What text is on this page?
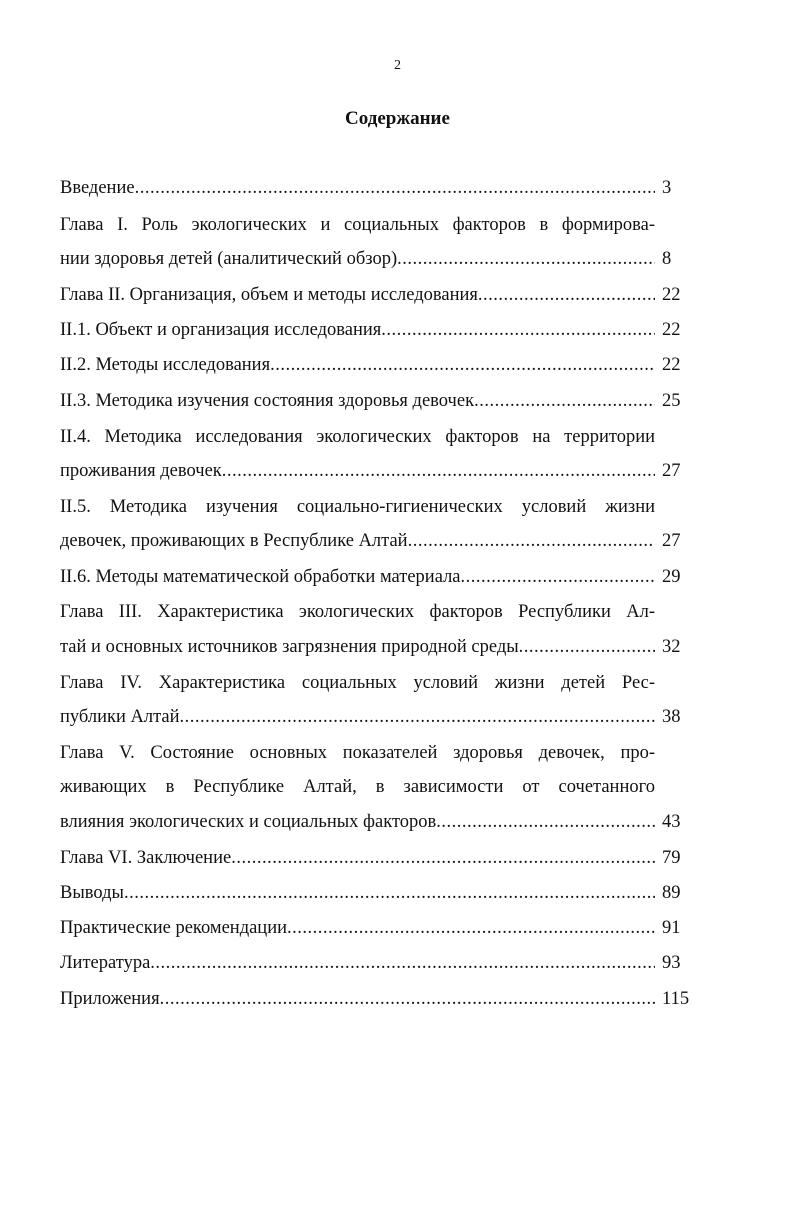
2
Содержание
Введение .....	3
Глава I. Роль экологических и социальных факторов в формирова-
нии здоровья детей (аналитический обзор) .....	8
Глава II. Организация, объем и методы исследования .....	22
II.1. Объект и организация исследования .....	22
II.2. Методы исследования .....	22
II.3. Методика изучения состояния здоровья девочек .....	25
II.4. Методика исследования экологических факторов на территории
проживания девочек .....	27
II.5. Методика изучения социально-гигиенических условий жизни
девочек, проживающих в Республике Алтай .....	27
II.6. Методы математической обработки материала .....	29
Глава III. Характеристика экологических факторов Республики Ал-
тай и основных источников загрязнения природной среды .....	32
Глава IV. Характеристика социальных условий жизни детей Рес-
публики Алтай .....	38
Глава V. Состояние основных показателей здоровья девочек, про-
живающих в Республике Алтай, в зависимости от сочетанного
влияния экологических и социальных факторов .....	43
Глава VI. Заключение .....	79
Выводы .....	89
Практические рекомендации .....	91
Литература .....	93
Приложения .....	115
